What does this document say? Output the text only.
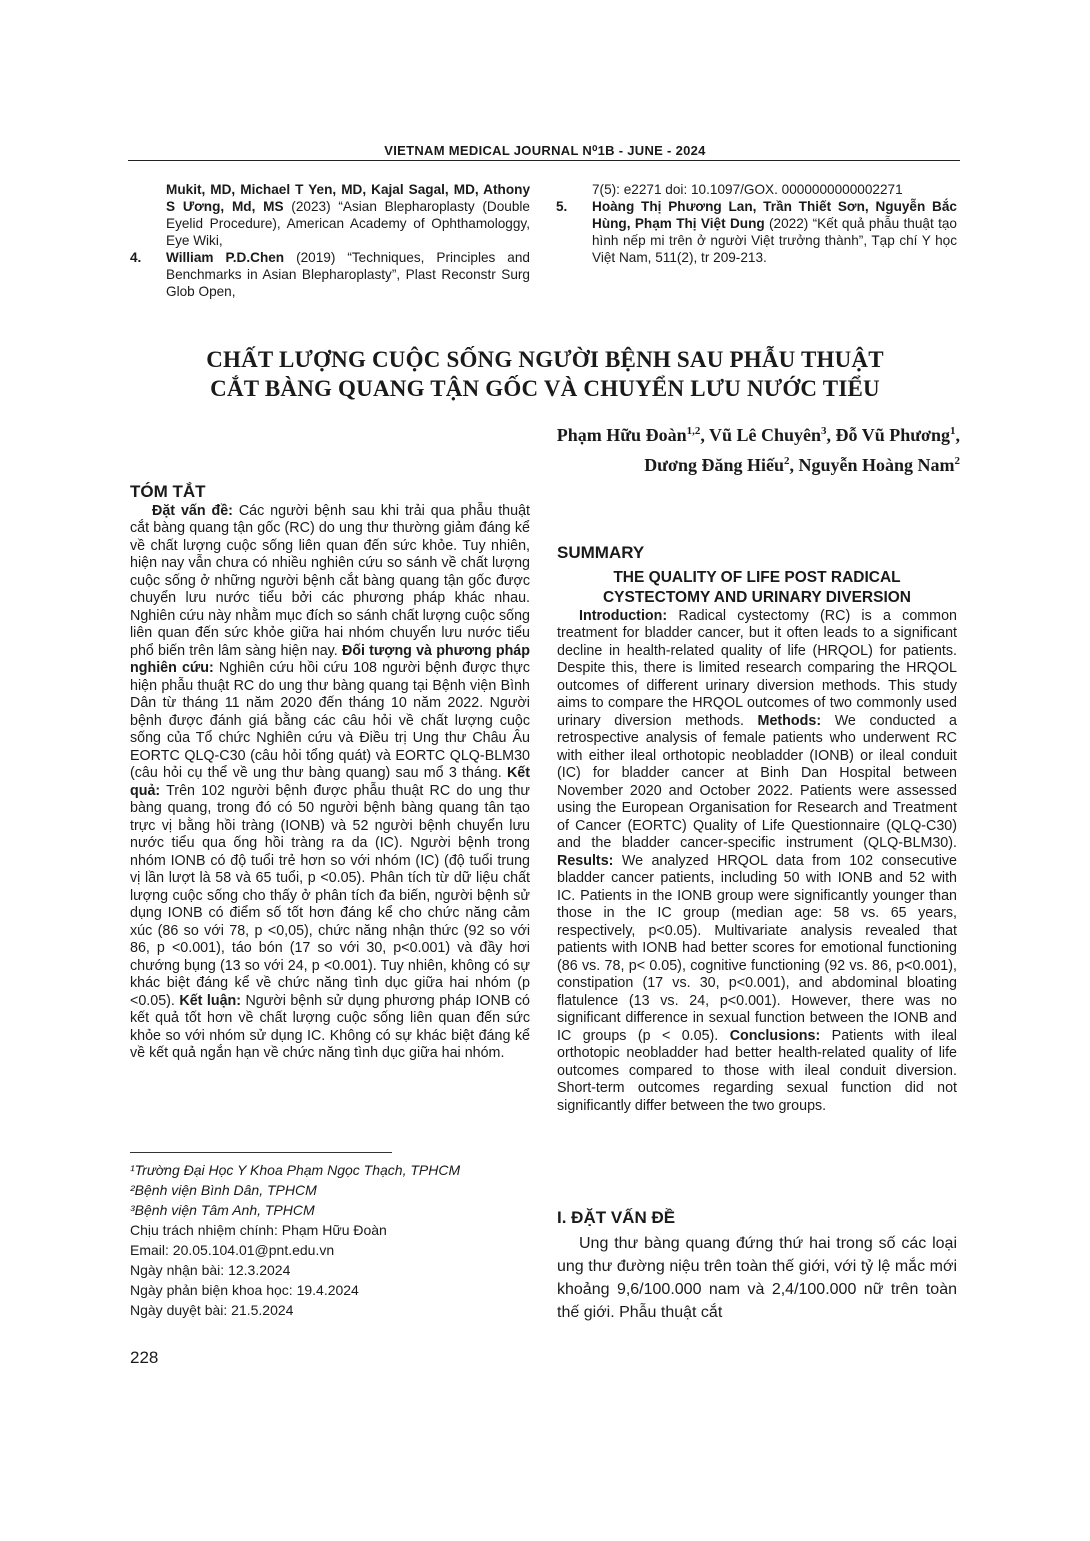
VIETNAM MEDICAL JOURNAL N⁰1B - JUNE - 2024

Mukit, MD, Michael T Yen, MD, Kajal Sagal, MD, Athony S Ương, Md, MS (2023) “Asian Blepharoplasty (Double Eyelid Procedure), American Academy of Ophthamologgy, Eye Wiki,

4. William P.D.Chen (2019) “Techniques, Principles and Benchmarks in Asian Blepharoplasty”, Plast Reconstr Surg Glob Open,

7(5): e2271 doi: 10.1097/GOX. 0000000000002271

5. Hoàng Thị Phương Lan, Trần Thiết Sơn, Nguyễn Bắc Hùng, Phạm Thị Việt Dung (2022) “Kết quả phẫu thuật tạo hình nếp mi trên ở người Việt trưởng thành”, Tạp chí Y học Việt Nam, 511(2), tr 209-213.

CHẤT LƯỢNG CUỘC SỐNG NGƯỜI BỆNH SAU PHẪU THUẬT
CẮT BÀNG QUANG TẬN GỐC VÀ CHUYỂN LƯU NƯỚC TIỂU
Phạm Hữu Đoàn$^{1,2}$, Vũ Lê Chuyên$^3$, Đỗ Vũ Phương$^1$,
Dương Đăng Hiếu$^2$, Nguyễn Hoàng Nam$^2$
TÓM TẮT

Đặt vấn đề: Các người bệnh sau khi trải qua phẫu thuật cắt bàng quang tận gốc (RC) do ung thư thường giảm đáng kể về chất lượng cuộc sống liên quan đến sức khỏe. Tuy nhiên, hiện nay vẫn chưa có nhiều nghiên cứu so sánh về chất lượng cuộc sống ở những người bệnh cắt bàng quang tận gốc được chuyển lưu nước tiểu bởi các phương pháp khác nhau. Nghiên cứu này nhằm mục đích so sánh chất lượng cuộc sống liên quan đến sức khỏe giữa hai nhóm chuyển lưu nước tiểu phổ biến trên lâm sàng hiện nay. Đối tượng và phương pháp nghiên cứu: Nghiên cứu hồi cứu 108 người bệnh được thực hiện phẫu thuật RC do ung thư bàng quang tại Bệnh viện Bình Dân từ tháng 11 năm 2020 đến tháng 10 năm 2022. Người bệnh được đánh giá bằng các câu hỏi về chất lượng cuộc sống của Tổ chức Nghiên cứu và Điều trị Ung thư Châu Âu EORTC QLQ-C30 (câu hỏi tổng quát) và EORTC QLQ-BLM30 (câu hỏi cụ thể về ung thư bàng quang) sau mổ 3 tháng. Kết quả: Trên 102 người bệnh được phẫu thuật RC do ung thư bàng quang, trong đó có 50 người bệnh bàng quang tân tạo trực vị bằng hồi tràng (IONB) và 52 người bệnh chuyển lưu nước tiểu qua ống hồi tràng ra da (IC). Người bệnh trong nhóm IONB có độ tuổi trẻ hơn so với nhóm (IC) (độ tuổi trung vị lần lượt là 58 và 65 tuổi, p <0.05). Phân tích từ dữ liệu chất lượng cuộc sống cho thấy ở phân tích đa biến, người bệnh sử dụng IONB có điểm số tốt hơn đáng kể cho chức năng cảm xúc (86 so với 78, p <0,05), chức năng nhận thức (92 so với 86, p <0.001), táo bón (17 so với 30, p<0.001) và đầy hơi chướng bụng (13 so với 24, p <0.001). Tuy nhiên, không có sự khác biệt đáng kể về chức năng tình dục giữa hai nhóm (p <0.05). Kết luận: Người bệnh sử dụng phương pháp IONB có kết quả tốt hơn về chất lượng cuộc sống liên quan đến sức khỏe so với nhóm sử dụng IC. Không có sự khác biệt đáng kể về kết quả ngắn hạn về chức năng tình dục giữa hai nhóm.

¹Trường Đại Học Y Khoa Phạm Ngọc Thạch, TPHCM
²Bệnh viện Bình Dân, TPHCM
³Bệnh viện Tâm Anh, TPHCM
Chịu trách nhiệm chính: Phạm Hữu Đoàn
Email: 20.05.104.01@pnt.edu.vn
Ngày nhận bài: 12.3.2024
Ngày phản biện khoa học: 19.4.2024
Ngày duyệt bài: 21.5.2024
228
SUMMARY
THE QUALITY OF LIFE POST RADICAL
CYSTECTOMY AND URINARY DIVERSION

Introduction: Radical cystectomy (RC) is a common treatment for bladder cancer, but it often leads to a significant decline in health-related quality of life (HRQOL) for patients. Despite this, there is limited research comparing the HRQOL outcomes of different urinary diversion methods. This study aims to compare the HRQOL outcomes of two commonly used urinary diversion methods. Methods: We conducted a retrospective analysis of female patients who underwent RC with either ileal orthotopic neobladder (IONB) or ileal conduit (IC) for bladder cancer at Binh Dan Hospital between November 2020 and October 2022. Patients were assessed using the European Organisation for Research and Treatment of Cancer (EORTC) Quality of Life Questionnaire (QLQ-C30) and the bladder cancer-specific instrument (QLQ-BLM30). Results: We analyzed HRQOL data from 102 consecutive bladder cancer patients, including 50 with IONB and 52 with IC. Patients in the IONB group were significantly younger than those in the IC group (median age: 58 vs. 65 years, respectively, p<0.05). Multivariate analysis revealed that patients with IONB had better scores for emotional functioning (86 vs. 78, p< 0.05), cognitive functioning (92 vs. 86, p<0.001), constipation (17 vs. 30, p<0.001), and abdominal bloating flatulence (13 vs. 24, p<0.001). However, there was no significant difference in sexual function between the IONB and IC groups (p < 0.05). Conclusions: Patients with ileal orthotopic neobladder had better health-related quality of life outcomes compared to those with ileal conduit diversion. Short-term outcomes regarding sexual function did not significantly differ between the two groups.

I. ĐẶT VẤN ĐỀ

Ung thư bàng quang đứng thứ hai trong số các loại ung thư đường niệu trên toàn thế giới, với tỷ lệ mắc mới khoảng 9,6/100.000 nam và 2,4/100.000 nữ trên toàn thế giới. Phẫu thuật cắt
